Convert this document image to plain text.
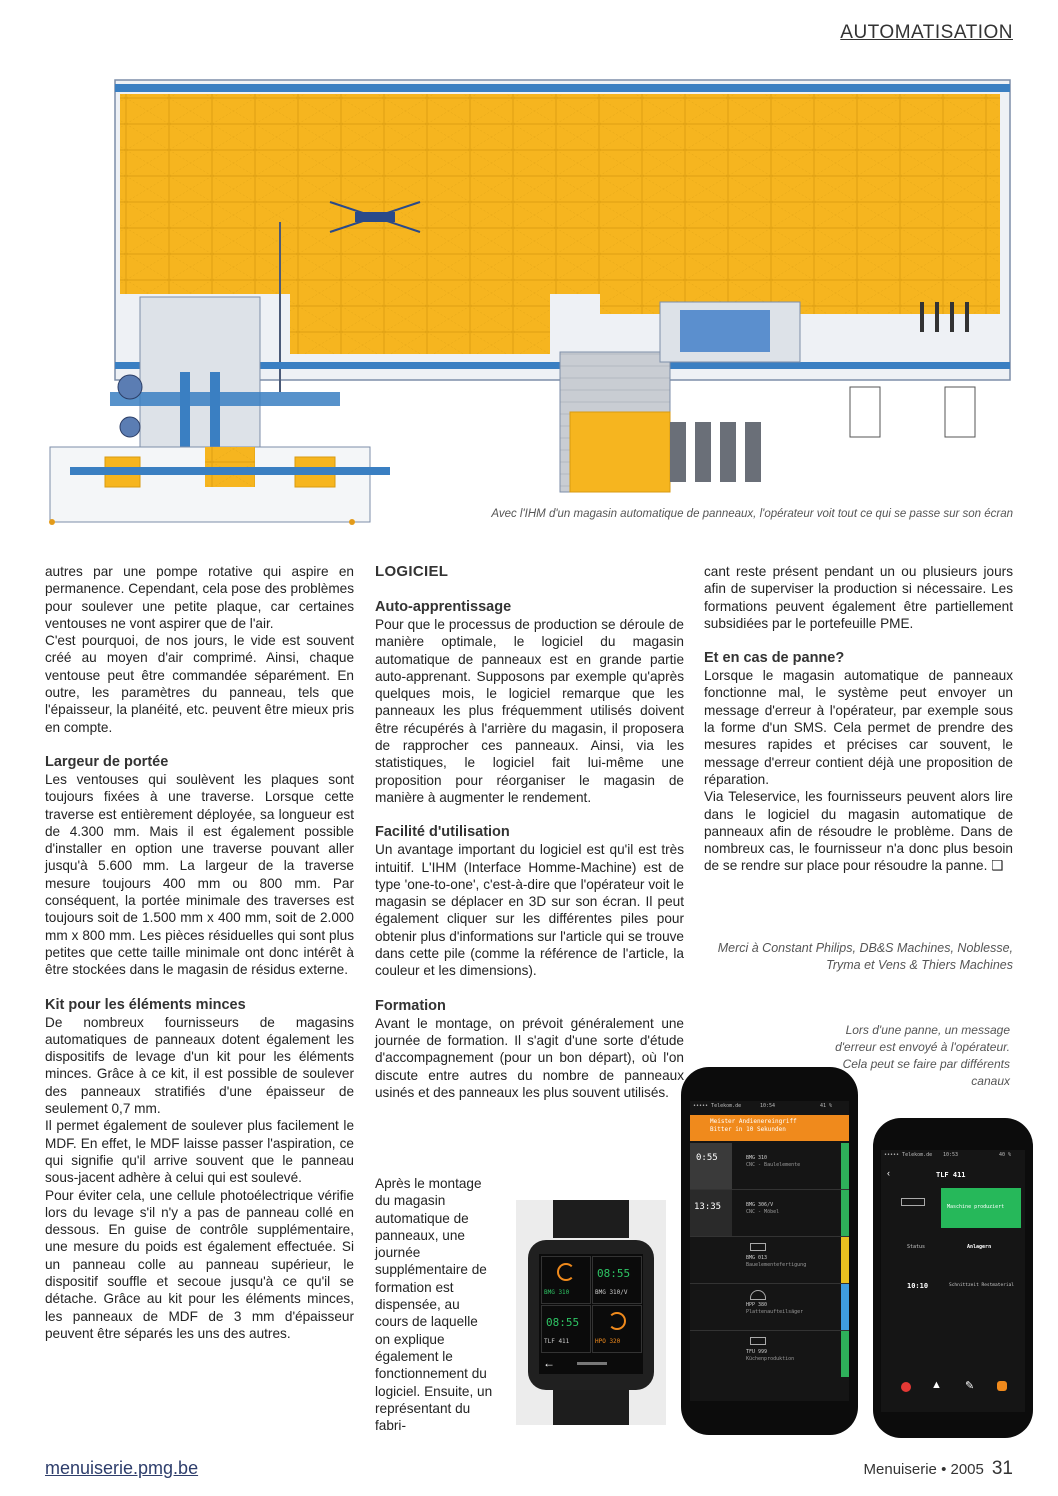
AUTOMATISATION
Avec l'IHM d'un magasin automatique de panneaux, l'opérateur voit tout ce qui se passe sur son écran

autres par une pompe rotative qui aspire en permanence. Cependant, cela pose des problèmes pour soulever une petite plaque, car certaines ventouses ne vont aspirer que de l'air.

C'est pourquoi, de nos jours, le vide est souvent créé au moyen d'air comprimé. Ainsi, chaque ventouse peut être commandée séparément. En outre, les paramètres du panneau, tels que l'épaisseur, la planéité, etc. peuvent être mieux pris en compte.

Largeur de portée

Les ventouses qui soulèvent les plaques sont toujours fixées à une traverse. Lorsque cette traverse est entièrement déployée, sa longueur est de 4.300 mm. Mais il est également possible d'installer en option une traverse pouvant aller jusqu'à 5.600 mm. La largeur de la traverse mesure toujours 400 mm ou 800 mm. Par conséquent, la portée minimale des traverses est toujours soit de 1.500 mm x 400 mm, soit de 2.000 mm x 800 mm. Les pièces résiduelles qui sont plus petites que cette taille minimale ont donc intérêt à être stockées dans le magasin de résidus externe.

Kit pour les éléments minces

De nombreux fournisseurs de magasins automatiques de panneaux dotent également les dispositifs de levage d'un kit pour les éléments minces. Grâce à ce kit, il est possible de soulever des panneaux stratifiés d'une épaisseur de seulement 0,7 mm.

Il permet également de soulever plus facilement le MDF. En effet, le MDF laisse passer l'aspiration, ce qui signifie qu'il arrive souvent que le panneau sous-jacent adhère à celui qui est soulevé.

Pour éviter cela, une cellule photoélectrique vérifie lors du levage s'il n'y a pas de panneau collé en dessous. En guise de contrôle supplémentaire, une mesure du poids est également effectuée. Si un panneau colle au panneau supérieur, le dispositif souffle et secoue jusqu'à ce qu'il se détache. Grâce au kit pour les éléments minces, les panneaux de MDF de 3 mm d'épaisseur peuvent être séparés les uns des autres.

LOGICIEL
Auto-apprentissage

Pour que le processus de production se déroule de manière optimale, le logiciel du magasin automatique de panneaux est en grande partie auto-apprenant. Supposons par exemple qu'après quelques mois, le logiciel remarque que les panneaux les plus fréquemment utilisés doivent être récupérés à l'arrière du magasin, il proposera de rapprocher ces panneaux. Ainsi, via les statistiques, le logiciel fait lui-même une proposition pour réorganiser le magasin de manière à augmenter le rendement.

Facilité d'utilisation

Un avantage important du logiciel est qu'il est très intuitif. L'IHM (Interface Homme-Machine) est de type 'one-to-one', c'est-à-dire que l'opérateur voit le magasin se déplacer en 3D sur son écran. Il peut également cliquer sur les différentes piles pour obtenir plus d'informations sur l'article qui se trouve dans cette pile (comme la référence de l'article, la couleur et les dimensions).

Formation

Avant le montage, on prévoit généralement une journée de formation. Il s'agit d'une sorte d'étude d'accompagnement (pour un bon départ), où l'on discute entre autres du nombre de panneaux usinés et des panneaux les plus souvent utilisés.

Après le montage du magasin automatique de panneaux, une journée supplémentaire de formation est dispensée, au cours de laquelle on explique également le fonctionnement du logiciel. Ensuite, un représentant du fabri-

cant reste présent pendant un ou plusieurs jours afin de superviser la production si nécessaire. Les formations peuvent également être partiellement subsidiées par le portefeuille PME.

Et en cas de panne?

Lorsque le magasin automatique de panneaux fonctionne mal, le système peut envoyer un message d'erreur à l'opérateur, par exemple sous la forme d'un SMS. Cela permet de prendre des mesures rapides et précises car souvent, le message d'erreur contient déjà une proposition de réparation.

Via Teleservice, les fournisseurs peuvent alors lire dans le logiciel du magasin automatique de panneaux afin de résoudre le problème. Dans de nombreux cas, le fournisseur n'a donc plus besoin de se rendre sur place pour résoudre la panne. ❑

Merci à Constant Philips, DB&S Machines, Noblesse, Tryma et Vens & Thiers Machines
Lors d'une panne, un message d'erreur est envoyé à l'opérateur. Cela peut se faire par différents canaux
BMG 310
08:55
BMG 310/V
08:55
TLF 411	HPO 320
←
••••• Telekom.de	10:54	41 %
Meister Andienereingriff
Bitter in 10 Sekunden
0:55	BMG 310
CNC - Baulelemente
13:35	BMG 306/V
CNC - Möbel
BMG 013
Bauelementefertigung
HPP 380
Plattenaufteilsäger
TFU 999
Küchenproduktion
••••• Telekom.de 10:53	40 %
‹	TLF 411
Maschine produziert
Status	Anlagern
10:10	Schnittzeit Restmaterial
▲ ✎
menuiserie.pmg.be	Menuiserie • 2005 31
